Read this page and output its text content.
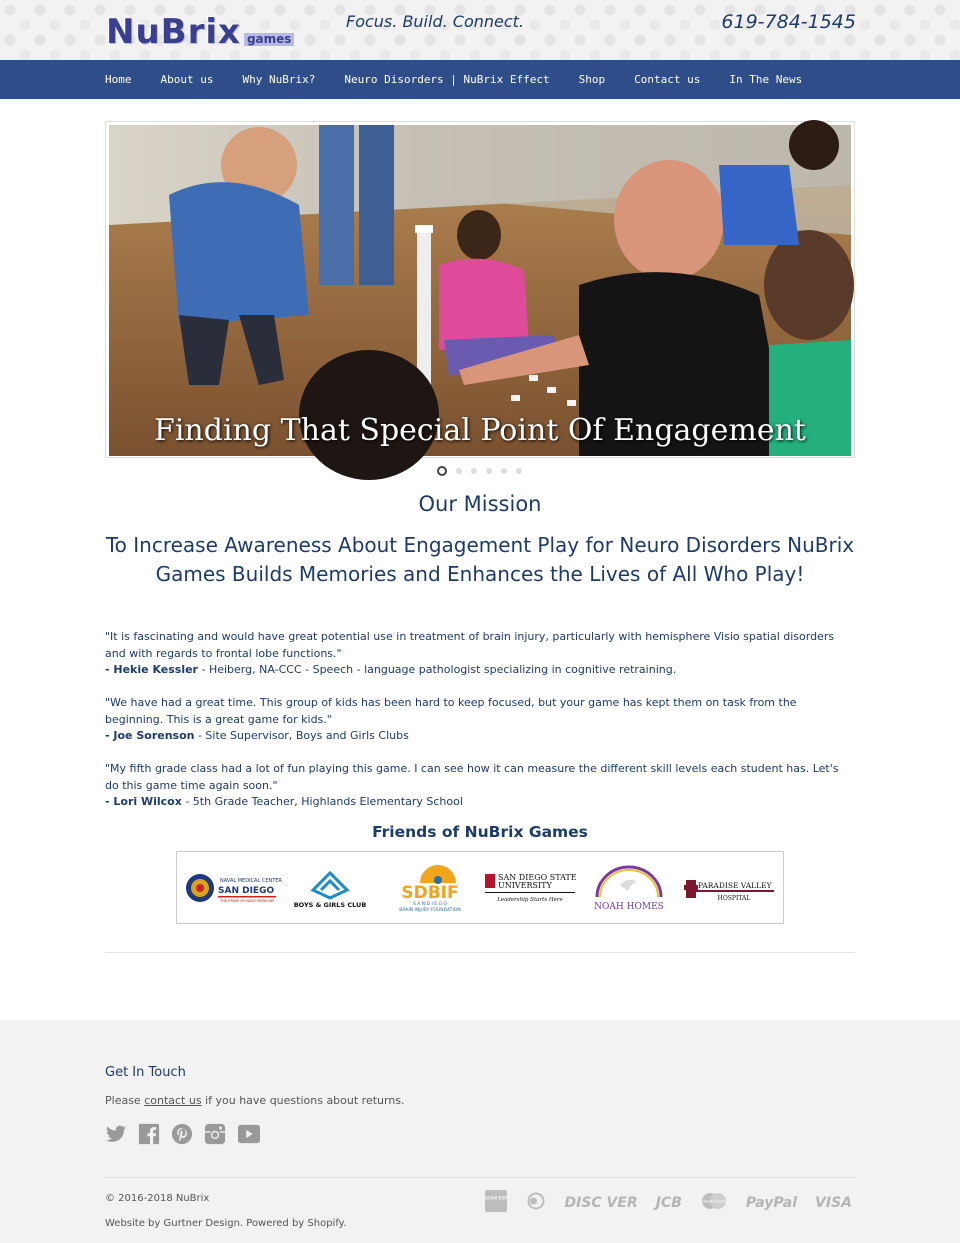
NuBrix games
Focus. Build. Connect.	619-784-1545
Home	About us	Why NuBrix?	Neuro Disorders | NuBrix Effect	Shop	Contact us	In The News
Finding That Special Point Of Engagement
Our Mission
To Increase Awareness About Engagement Play for Neuro Disorders NuBrix Games Builds Memories and Enhances the Lives of All Who Play!
"It is fascinating and would have great potential use in treatment of brain injury, particularly with hemisphere Visio spatial disorders and with regards to frontal lobe functions."
- Hekie Kessler - Heiberg, NA-CCC - Speech - language pathologist specializing in cognitive retraining.
"We have had a great time. This group of kids has been hard to keep focused, but your game has kept them on task from the beginning. This is a great game for kids."
- Joe Sorenson - Site Supervisor, Boys and Girls Clubs
"My fifth grade class had a lot of fun playing this game. I can see how it can measure the different skill levels each student has. Let's do this game time again soon."
- Lori Wilcox - 5th Grade Teacher, Highlands Elementary School
Friends of NuBrix Games
NAVAL MEDICAL CENTER
SAN DIEGO
THE PRIDE OF NAVY MEDICINE	BOYS & GIRLS CLUB
SDBIF
S A N D I E G O
BRAIN INJURY FOUNDATION
SAN DIEGO STATE
UNIVERSITY
Leadership Starts Here
NOAH HOMES
PARADISE VALLEY
HOSPITAL
Get In Touch
Please contact us if you have questions about returns.
© 2016-2018 NuBrix
Website by Gurtner Design. Powered by Shopify.
AMERICAN EXPRESS
diners DISC VER JCB	mastercard PayPal VISA
